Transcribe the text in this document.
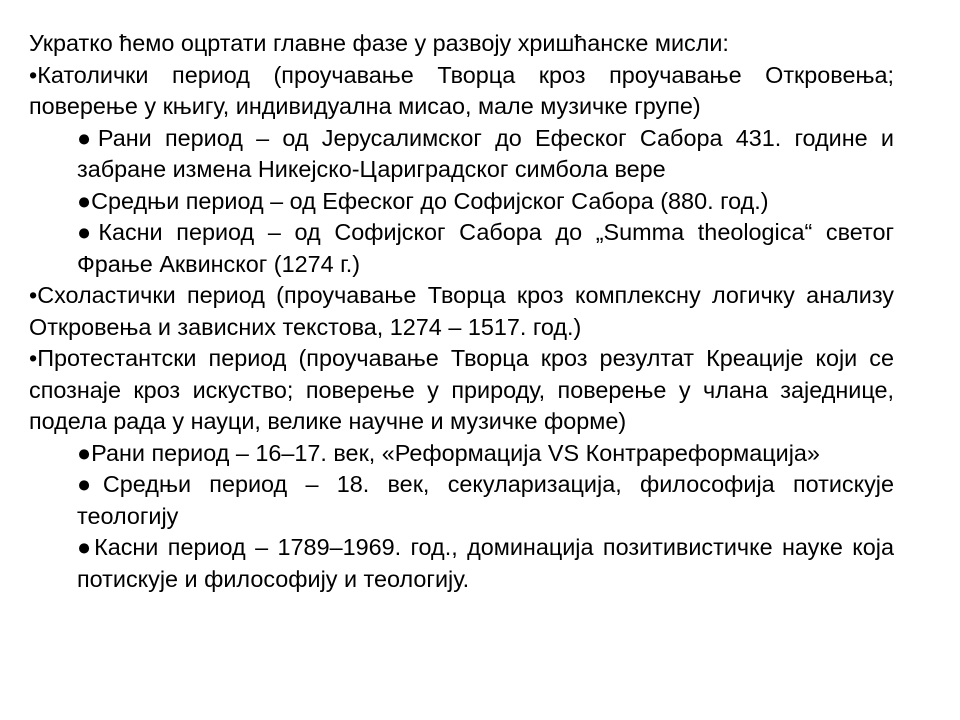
Укратко ћемо оцртати главне фазе у развоју хришћанске мисли:

•Католички период (проучавање Творца кроз проучавање Откровења; поверење у књигу, индивидуална мисао, мале музичке групе)

●Рани период – од Јерусалимског до Ефеског Сабора 431. године и забране измена Никејско-Цариградског симбола вере

●Средњи период – од Ефеског до Софијског Сабора (880. год.)

●Касни период – од Софијског Сабора до „Summa theologica“ светог Фрање Аквинског (1274 г.)

•Схоластички период (проучавање Творца кроз комплексну логичку анализу Откровења и зависних текстова, 1274 – 1517. год.)

•Протестантски период (проучавање Творца кроз резултат Креације који се спознаје кроз искуство; поверење у природу, поверење у члана заједнице, подела рада у науци, велике научне и музичке форме)

●Рани период – 16–17. век, «Реформација VS Контрареформација»

●Средњи период – 18. век, секуларизација, философија потискује теологију

●Касни период – 1789–1969. год., доминација позитивистичке науке која потискује и философију и теологију.
